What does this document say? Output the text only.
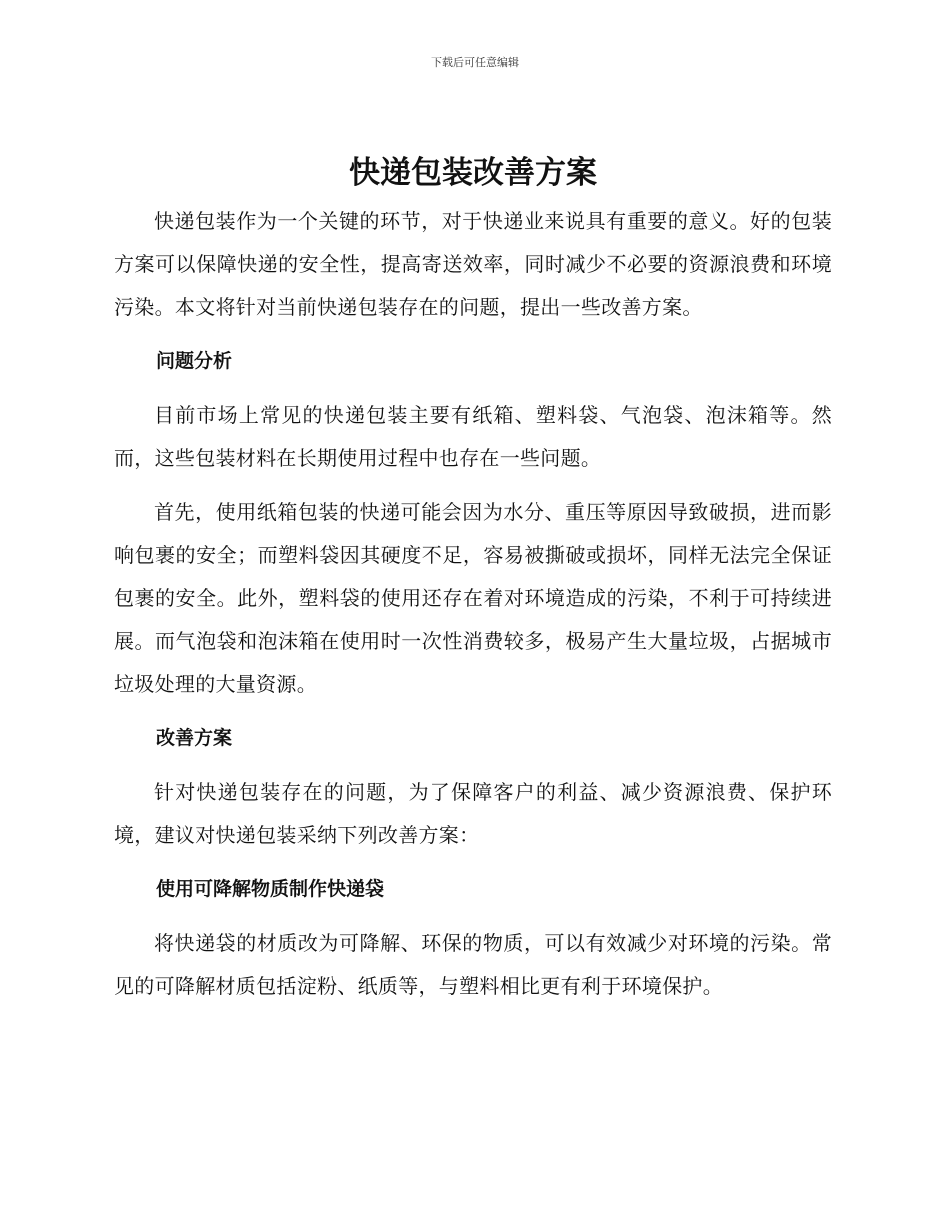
下载后可任意编辑
快递包装改善方案

快递包装作为一个关键的环节，对于快递业来说具有重要的意义。好的包装方案可以保障快递的安全性，提高寄送效率，同时减少不必要的资源浪费和环境污染。本文将针对当前快递包装存在的问题，提出一些改善方案。

问题分析

目前市场上常见的快递包装主要有纸箱、塑料袋、气泡袋、泡沫箱等。然而，这些包装材料在长期使用过程中也存在一些问题。

首先，使用纸箱包装的快递可能会因为水分、重压等原因导致破损，进而影响包裹的安全；而塑料袋因其硬度不足，容易被撕破或损坏，同样无法完全保证包裹的安全。此外，塑料袋的使用还存在着对环境造成的污染，不利于可持续进展。而气泡袋和泡沫箱在使用时一次性消费较多，极易产生大量垃圾，占据城市垃圾处理的大量资源。

改善方案

针对快递包装存在的问题，为了保障客户的利益、减少资源浪费、保护环境，建议对快递包装采纳下列改善方案：

使用可降解物质制作快递袋

将快递袋的材质改为可降解、环保的物质，可以有效减少对环境的污染。常见的可降解材质包括淀粉、纸质等，与塑料相比更有利于环境保护。
